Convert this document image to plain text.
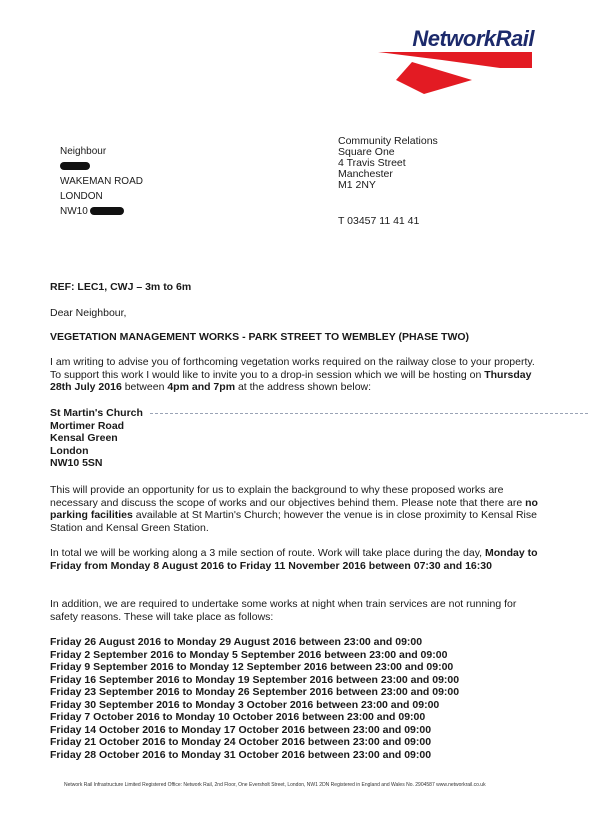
NetworkRail
Neighbour
WAKEMAN ROAD
LONDON
NW10
Community Relations
Square One
4 Travis Street
Manchester
M1 2NY
T 03457 11 41 41
REF: LEC1, CWJ – 3m to 6m
Dear Neighbour,
VEGETATION MANAGEMENT WORKS - PARK STREET TO WEMBLEY (PHASE TWO)
I am writing to advise you of forthcoming vegetation works required on the railway close to your property. To support this work I would like to invite you to a drop-in session which we will be hosting on Thursday 28th July 2016 between 4pm and 7pm at the address shown below:
St Martin's Church
Mortimer Road
Kensal Green
London
NW10 5SN
This will provide an opportunity for us to explain the background to why these proposed works are necessary and discuss the scope of works and our objectives behind them. Please note that there are no parking facilities available at St Martin's Church; however the venue is in close proximity to Kensal Rise Station and Kensal Green Station.
In total we will be working along a 3 mile section of route. Work will take place during the day, Monday to Friday from Monday 8 August 2016 to Friday 11 November 2016 between 07:30 and 16:30
In addition, we are required to undertake some works at night when train services are not running for safety reasons. These will take place as follows:
Friday 26 August 2016 to Monday 29 August 2016 between 23:00 and 09:00
Friday 2 September 2016 to Monday 5 September 2016 between 23:00 and 09:00
Friday 9 September 2016 to Monday 12 September 2016 between 23:00 and 09:00
Friday 16 September 2016 to Monday 19 September 2016 between 23:00 and 09:00
Friday 23 September 2016 to Monday 26 September 2016 between 23:00 and 09:00
Friday 30 September 2016 to Monday 3 October 2016 between 23:00 and 09:00
Friday 7 October 2016 to Monday 10 October 2016 between 23:00 and 09:00
Friday 14 October 2016 to Monday 17 October 2016 between 23:00 and 09:00
Friday 21 October 2016 to Monday 24 October 2016 between 23:00 and 09:00
Friday 28 October 2016 to Monday 31 October 2016 between 23:00 and 09:00
Network Rail Infrastructure Limited Registered Office: Network Rail, 2nd Floor, One Eversholt Street, London, NW1 2DN Registered in England and Wales No. 2904587 www.networkrail.co.uk
